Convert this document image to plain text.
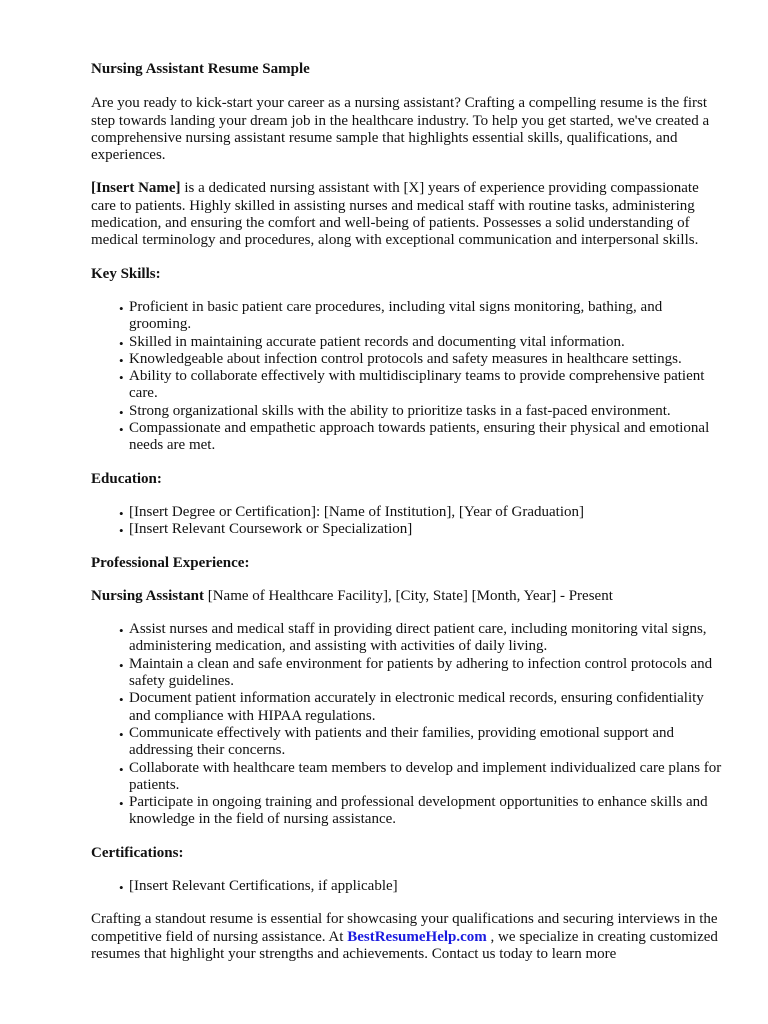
Nursing Assistant Resume Sample

Are you ready to kick-start your career as a nursing assistant? Crafting a compelling resume is the first step towards landing your dream job in the healthcare industry. To help you get started, we've created a comprehensive nursing assistant resume sample that highlights essential skills, qualifications, and experiences.

[Insert Name] is a dedicated nursing assistant with [X] years of experience providing compassionate care to patients. Highly skilled in assisting nurses and medical staff with routine tasks, administering medication, and ensuring the comfort and well-being of patients. Possesses a solid understanding of medical terminology and procedures, along with exceptional communication and interpersonal skills.

Key Skills:
• Proficient in basic patient care procedures, including vital signs monitoring, bathing, and grooming.
• Skilled in maintaining accurate patient records and documenting vital information.
• Knowledgeable about infection control protocols and safety measures in healthcare settings.
• Ability to collaborate effectively with multidisciplinary teams to provide comprehensive patient care.
• Strong organizational skills with the ability to prioritize tasks in a fast-paced environment.
• Compassionate and empathetic approach towards patients, ensuring their physical and emotional needs are met.
Education:
• [Insert Degree or Certification]: [Name of Institution], [Year of Graduation]
• [Insert Relevant Coursework or Specialization]
Professional Experience:

Nursing Assistant [Name of Healthcare Facility], [City, State] [Month, Year] - Present

• Assist nurses and medical staff in providing direct patient care, including monitoring vital signs, administering medication, and assisting with activities of daily living.
• Maintain a clean and safe environment for patients by adhering to infection control protocols and safety guidelines.
• Document patient information accurately in electronic medical records, ensuring confidentiality and compliance with HIPAA regulations.
• Communicate effectively with patients and their families, providing emotional support and addressing their concerns.
• Collaborate with healthcare team members to develop and implement individualized care plans for patients.
• Participate in ongoing training and professional development opportunities to enhance skills and knowledge in the field of nursing assistance.
Certifications:
• [Insert Relevant Certifications, if applicable]

Crafting a standout resume is essential for showcasing your qualifications and securing interviews in the competitive field of nursing assistance. At BestResumeHelp.com , we specialize in creating customized resumes that highlight your strengths and achievements. Contact us today to learn more
